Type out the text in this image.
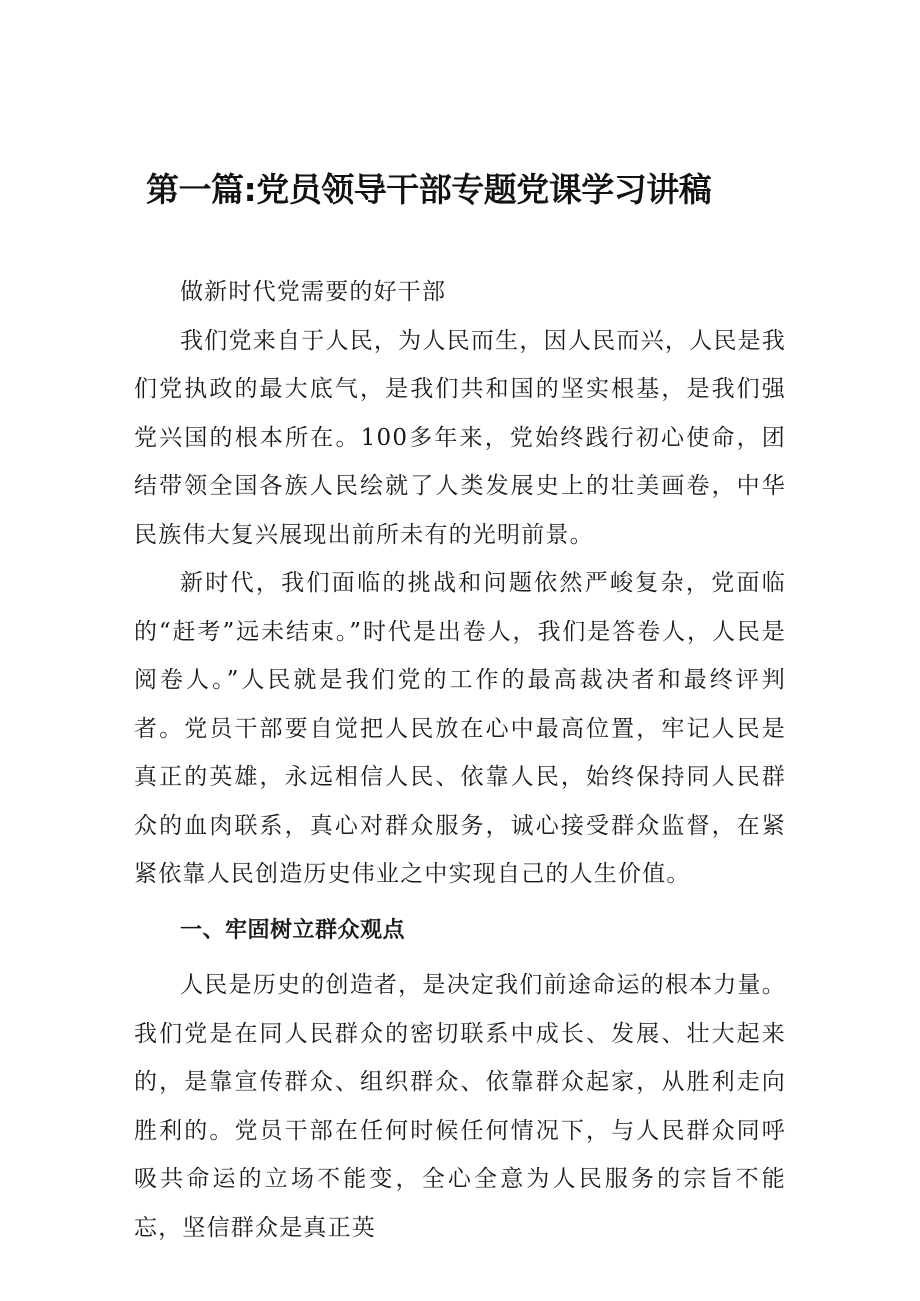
第一篇:党员领导干部专题党课学习讲稿

做新时代党需要的好干部

我们党来自于人民，为人民而生，因人民而兴，人民是我们党执政的最大底气，是我们共和国的坚实根基，是我们强党兴国的根本所在。100多年来，党始终践行初心使命，团结带领全国各族人民绘就了人类发展史上的壮美画卷，中华民族伟大复兴展现出前所未有的光明前景。

新时代，我们面临的挑战和问题依然严峻复杂，党面临的“赶考”远未结束。”时代是出卷人，我们是答卷人，人民是阅卷人。”人民就是我们党的工作的最高裁决者和最终评判者。党员干部要自觉把人民放在心中最高位置，牢记人民是真正的英雄，永远相信人民、依靠人民，始终保持同人民群众的血肉联系，真心对群众服务，诚心接受群众监督，在紧紧依靠人民创造历史伟业之中实现自己的人生价值。

一、牢固树立群众观点

人民是历史的创造者，是决定我们前途命运的根本力量。我们党是在同人民群众的密切联系中成长、发展、壮大起来的，是靠宣传群众、组织群众、依靠群众起家，从胜利走向胜利的。党员干部在任何时候任何情况下，与人民群众同呼吸共命运的立场不能变，全心全意为人民服务的宗旨不能忘，坚信群众是真正英
